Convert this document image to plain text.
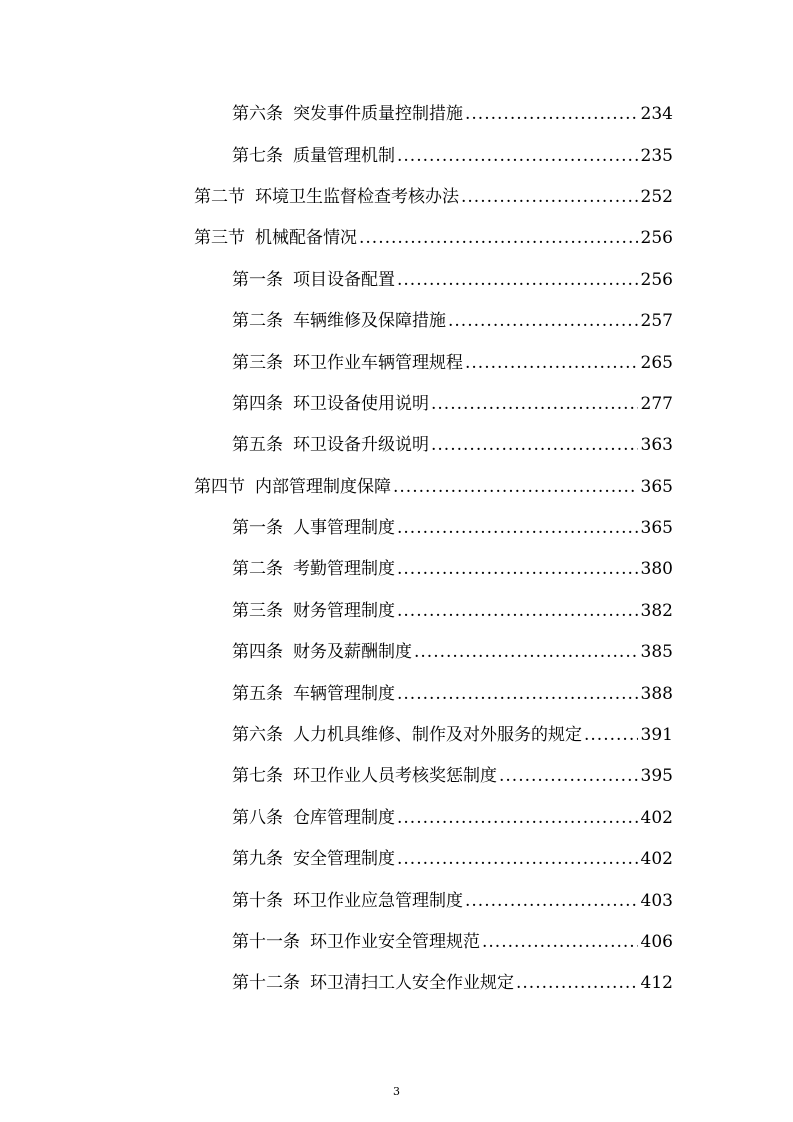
第六条 突发事件质量控制措施 .....	234
第七条 质量管理机制 .....	235
第二节 环境卫生监督检查考核办法 .....	252
第三节 机械配备情况 .....	256
第一条 项目设备配置 .....	256
第二条 车辆维修及保障措施 .....	257
第三条 环卫作业车辆管理规程 .....	265
第四条 环卫设备使用说明 .....	277
第五条 环卫设备升级说明 .....	363
第四节 内部管理制度保障 .....	365
第一条 人事管理制度 .....	365
第二条 考勤管理制度 .....	380
第三条 财务管理制度 .....	382
第四条 财务及薪酬制度 .....	385
第五条 车辆管理制度 .....	388
第六条 人力机具维修、制作及对外服务的规定 .....	391
第七条 环卫作业人员考核奖惩制度 .....	395
第八条 仓库管理制度 .....	402
第九条 安全管理制度 .....	402
第十条 环卫作业应急管理制度 .....	403
第十一条 环卫作业安全管理规范 .....	406
第十二条 环卫清扫工人安全作业规定 .....	412
3
